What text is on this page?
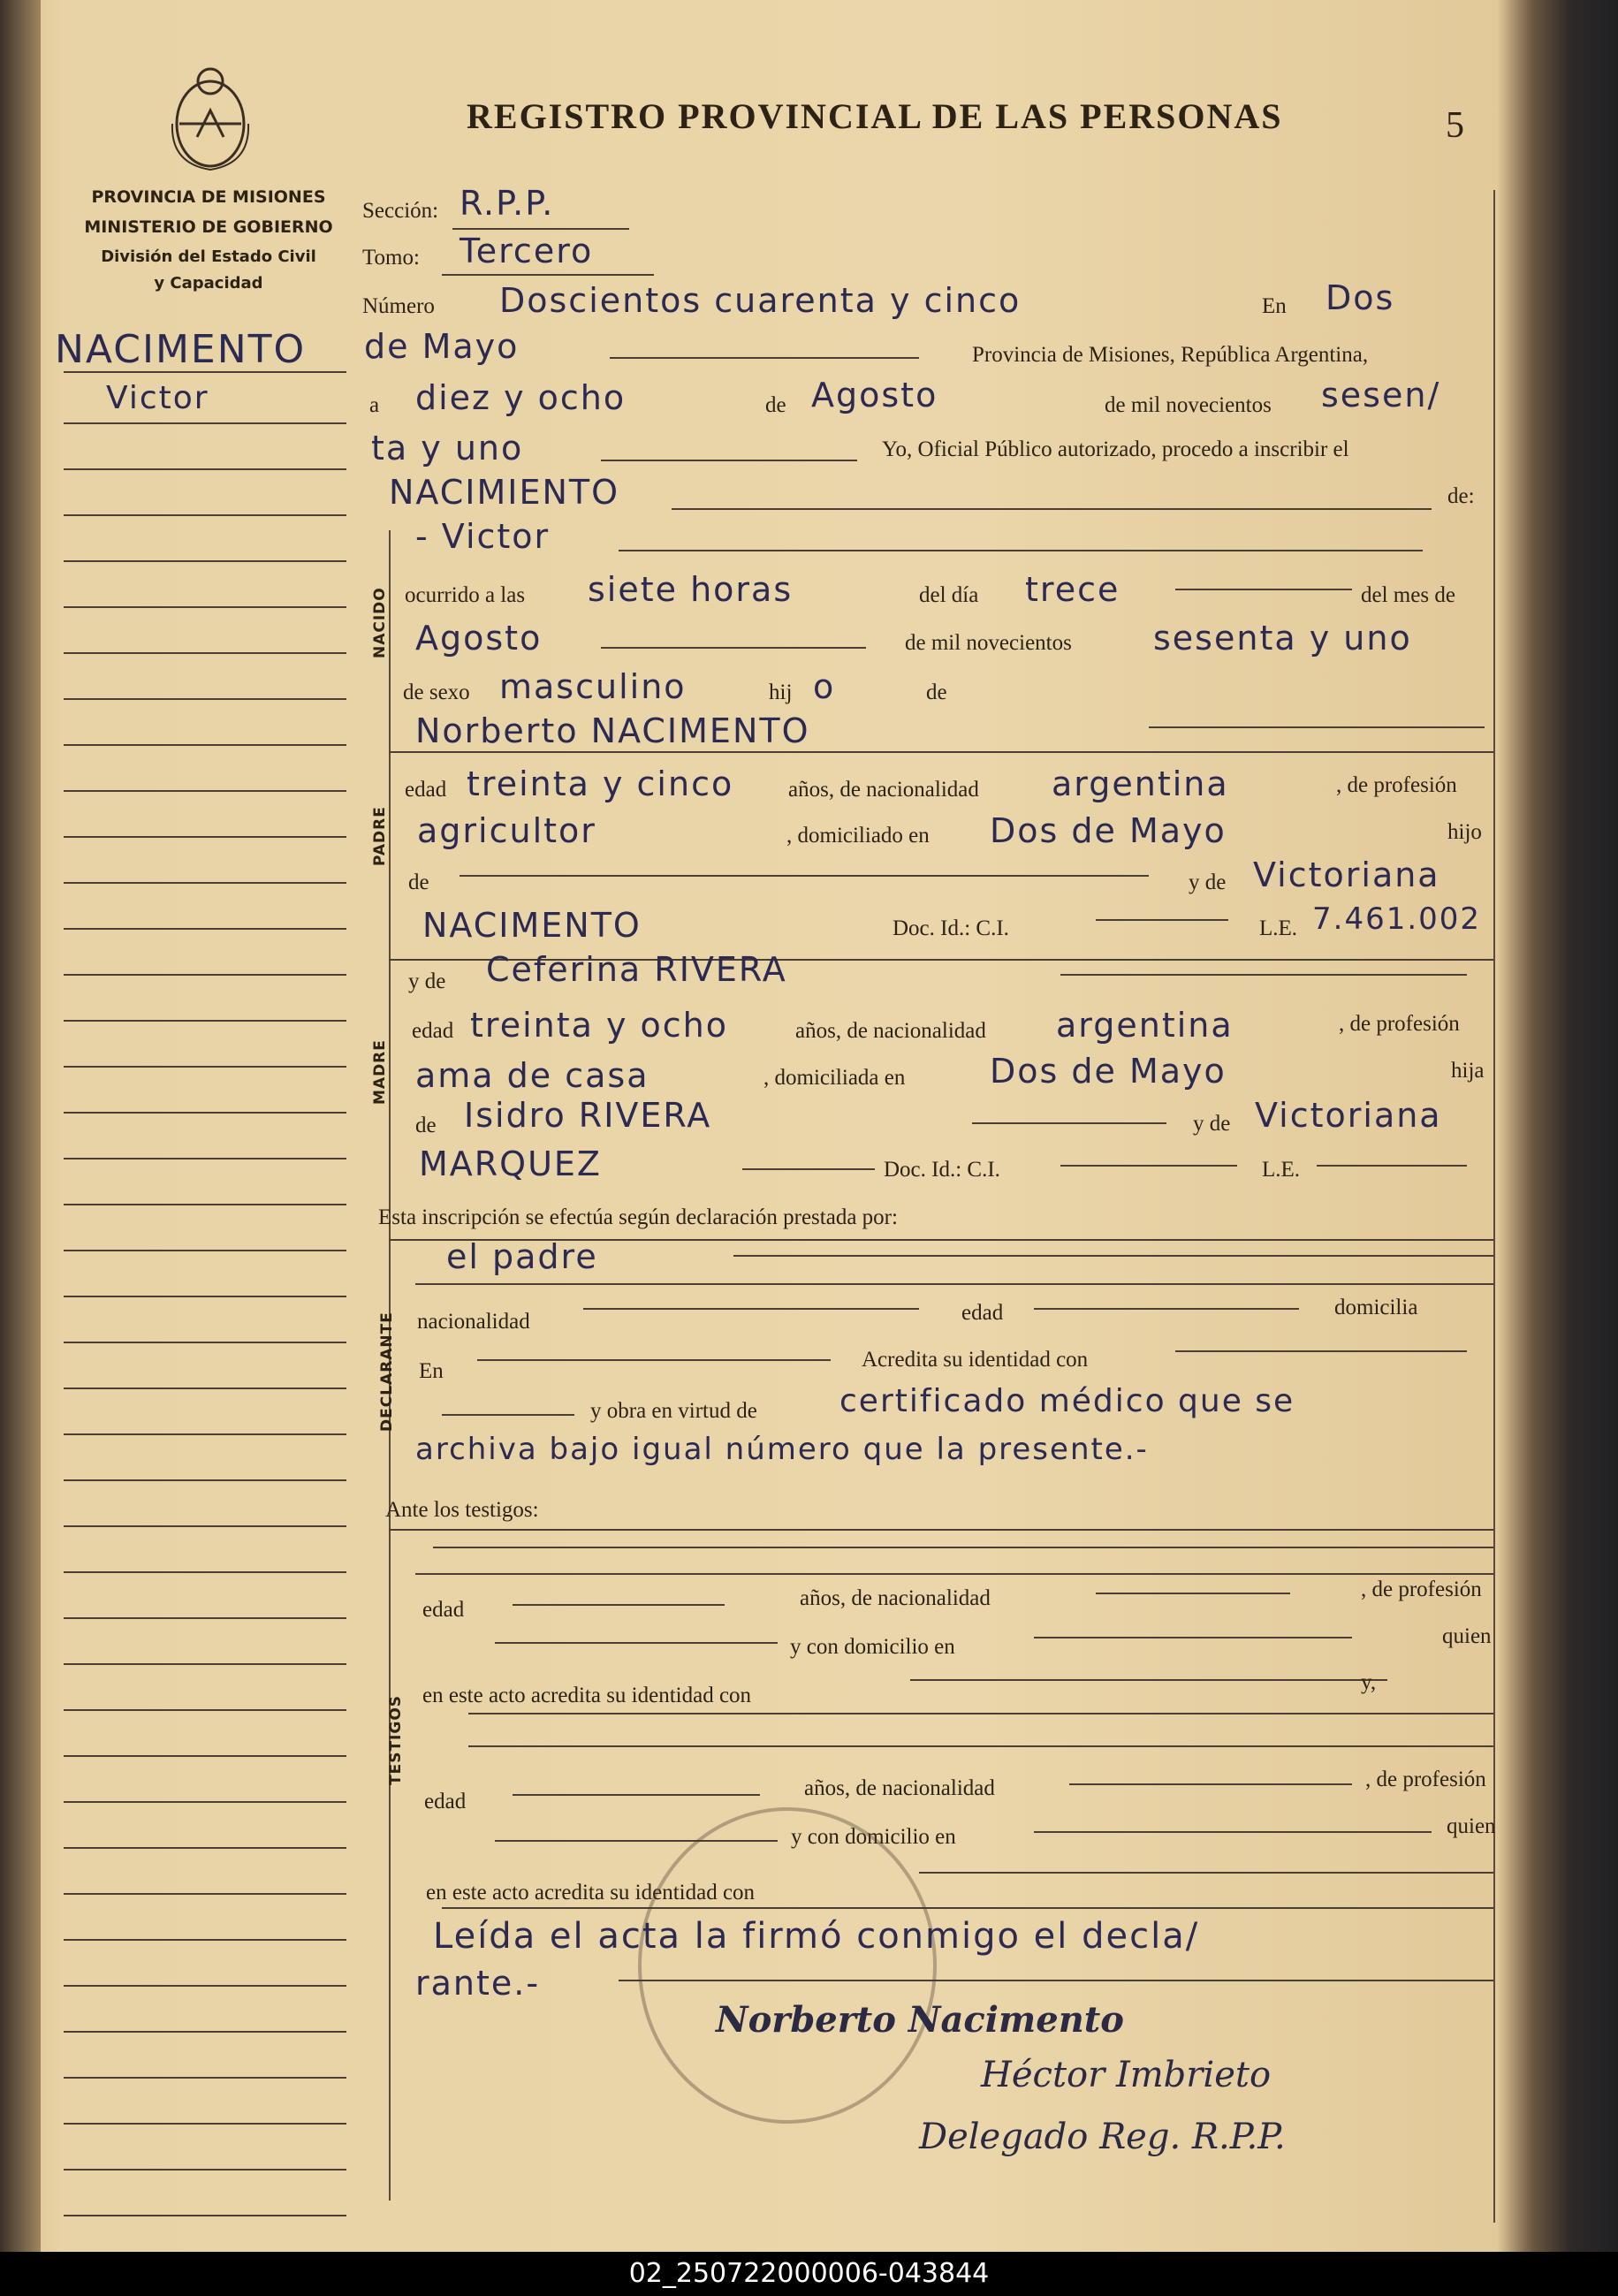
REGISTRO PROVINCIAL DE LAS PERSONAS	5
PROVINCIA DE MISIONES
MINISTERIO DE GOBIERNO
División del Estado Civil
y Capacidad
NACIMENTO
Victor
Sección: R.P.P.
Tomo: Tercero
Número Doscientos cuarenta y cinco	En Dos
de Mayo	Provincia de Misiones, República Argentina,
a diez y ocho	de Agosto	de mil novecientos sesen/
ta y uno	Yo, Oficial Público autorizado, procedo a inscribir el
NACIMIENTO	de:
NACIDO
- Victor
ocurrido a las siete horas	del día trece	del mes de
Agosto	de mil novecientos sesenta y uno
de sexo masculino	hij o	de
Norberto NACIMENTO
PADRE
edad treinta y cinco años, de nacionalidad argentina	, de profesión
agricultor	, domiciliado en Dos de Mayo	hijo
de	y de Victoriana
NACIMENTO	Doc. Id.: C.I.	L.E. 7.461.002
MADRE
y de Ceferina RIVERA
edad treinta y ocho	años, de nacionalidad argentina	, de profesión
ama de casa	, domiciliada en	Dos de Mayo	hija
de Isidro RIVERA	y de Victoriana
MARQUEZ	Doc. Id.: C.I.	L.E.
Esta inscripción se efectúa según declaración prestada por:
DECLARANTE
el padre
nacionalidad	edad	domicilia
En	Acredita su identidad con
y obra en virtud de	certificado médico que se
archiva bajo igual número que la presente.-
Ante los testigos:
TESTIGOS
edad	años, de nacionalidad	, de profesión
y con domicilio en	quien
en este acto acredita su identidad con
y,
edad
años, de nacionalidad	, de profesión
y con domicilio en	quien
en este acto acredita su identidad con
Leída el acta la firmó conmigo el decla/
rante.-
Norberto Nacimento
Héctor Imbrieto
Delegado Reg. R.P.P.
02_250722000006-043844
